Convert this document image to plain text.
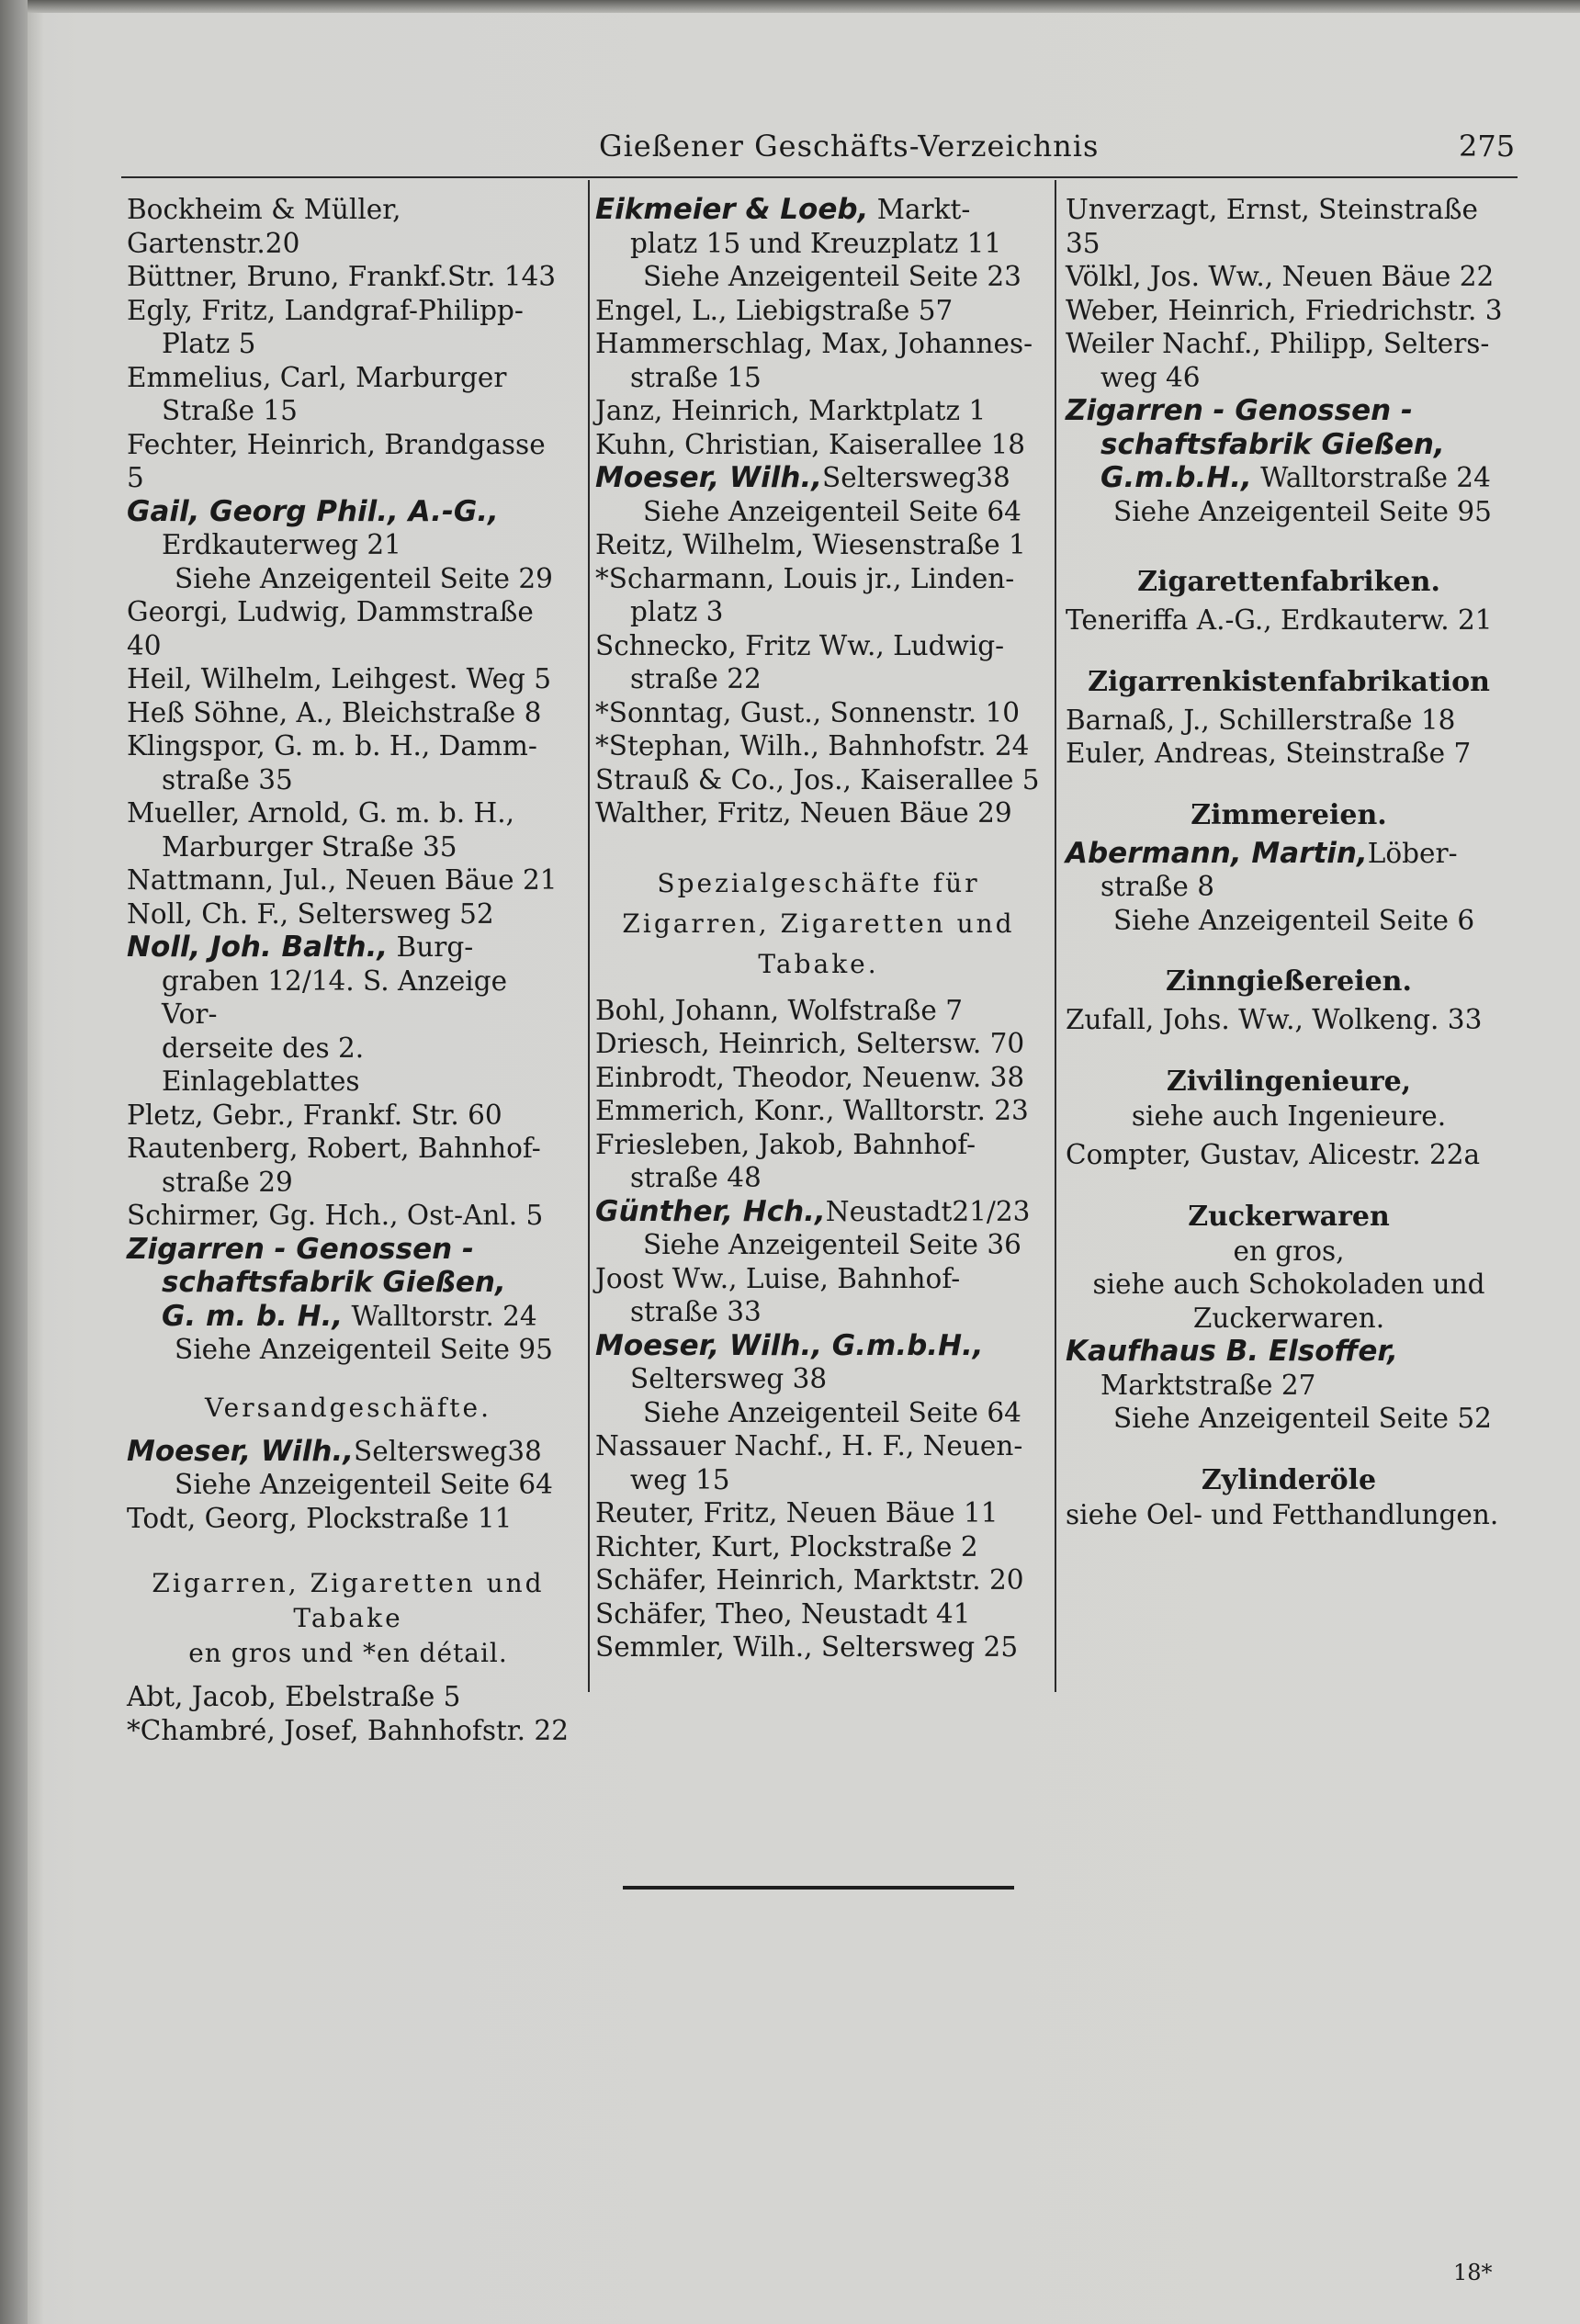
Gießener Geschäfts-Verzeichnis	275
Bockheim & Müller, Gartenstr.20
Büttner, Bruno, Frankf.Str. 143
Egly, Fritz, Landgraf-Philipp-
Platz 5
Emmelius, Carl, Marburger
Straße 15
Fechter, Heinrich, Brandgasse 5
Gail, Georg Phil., A.-G.,
Erdkauterweg 21
Siehe Anzeigenteil Seite 29
Georgi, Ludwig, Dammstraße 40
Heil, Wilhelm, Leihgest. Weg 5
Heß Söhne, A., Bleichstraße 8
Klingspor, G. m. b. H., Damm-
straße 35
Mueller, Arnold, G. m. b. H.,
Marburger Straße 35
Nattmann, Jul., Neuen Bäue 21
Noll, Ch. F., Seltersweg 52
Noll, Joh. Balth., Burg-
graben 12/14. S. Anzeige Vor-
derseite des 2. Einlageblattes
Pletz, Gebr., Frankf. Str. 60
Rautenberg, Robert, Bahnhof-
straße 29
Schirmer, Gg. Hch., Ost-Anl. 5
Zigarren - Genossen -
schaftsfabrik Gießen,
G. m. b. H., Walltorstr. 24
Siehe Anzeigenteil Seite 95
Versandgeschäfte.
Moeser, Wilh.,Seltersweg38
Siehe Anzeigenteil Seite 64
Todt, Georg, Plockstraße 11
Zigarren, Zigaretten und
Tabake
en gros und *en détail.
Abt, Jacob, Ebelstraße 5
*Chambré, Josef, Bahnhofstr. 22
Eikmeier & Loeb, Markt-
platz 15 und Kreuzplatz 11
Siehe Anzeigenteil Seite 23
Engel, L., Liebigstraße 57
Hammerschlag, Max, Johannes-
straße 15
Janz, Heinrich, Marktplatz 1
Kuhn, Christian, Kaiserallee 18
Moeser, Wilh.,Seltersweg38
Siehe Anzeigenteil Seite 64
Reitz, Wilhelm, Wiesenstraße 1
*Scharmann, Louis jr., Linden-
platz 3
Schnecko, Fritz Ww., Ludwig-
straße 22
*Sonntag, Gust., Sonnenstr. 10
*Stephan, Wilh., Bahnhofstr. 24
Strauß & Co., Jos., Kaiserallee 5
Walther, Fritz, Neuen Bäue 29
Spezialgeschäfte für
Zigarren, Zigaretten und
Tabake.
Bohl, Johann, Wolfstraße 7
Driesch, Heinrich, Seltersw. 70
Einbrodt, Theodor, Neuenw. 38
Emmerich, Konr., Walltorstr. 23
Friesleben, Jakob, Bahnhof-
straße 48
Günther, Hch.,Neustadt21/23
Siehe Anzeigenteil Seite 36
Joost Ww., Luise, Bahnhof-
straße 33
Moeser, Wilh., G.m.b.H.,
Seltersweg 38
Siehe Anzeigenteil Seite 64
Nassauer Nachf., H. F., Neuen-
weg 15
Reuter, Fritz, Neuen Bäue 11
Richter, Kurt, Plockstraße 2
Schäfer, Heinrich, Marktstr. 20
Schäfer, Theo, Neustadt 41
Semmler, Wilh., Seltersweg 25
Unverzagt, Ernst, Steinstraße 35
Völkl, Jos. Ww., Neuen Bäue 22
Weber, Heinrich, Friedrichstr. 3
Weiler Nachf., Philipp, Selters-
weg 46
Zigarren - Genossen -
schaftsfabrik Gießen,
G.m.b.H., Walltorstraße 24
Siehe Anzeigenteil Seite 95
Zigarettenfabriken.
Teneriffa A.-G., Erdkauterw. 21
Zigarrenkistenfabrikation
Barnaß, J., Schillerstraße 18
Euler, Andreas, Steinstraße 7
Zimmereien.
Abermann, Martin,Löber-
straße 8
Siehe Anzeigenteil Seite 6
Zinngießereien.
Zufall, Johs. Ww., Wolkeng. 33
Zivilingenieure,
siehe auch Ingenieure.
Compter, Gustav, Alicestr. 22a
Zuckerwaren
en gros,
siehe auch Schokoladen und
Zuckerwaren.
Kaufhaus B. Elsoffer,
Marktstraße 27
Siehe Anzeigenteil Seite 52
Zylinderöle
siehe Oel- und Fetthandlungen.
18*
